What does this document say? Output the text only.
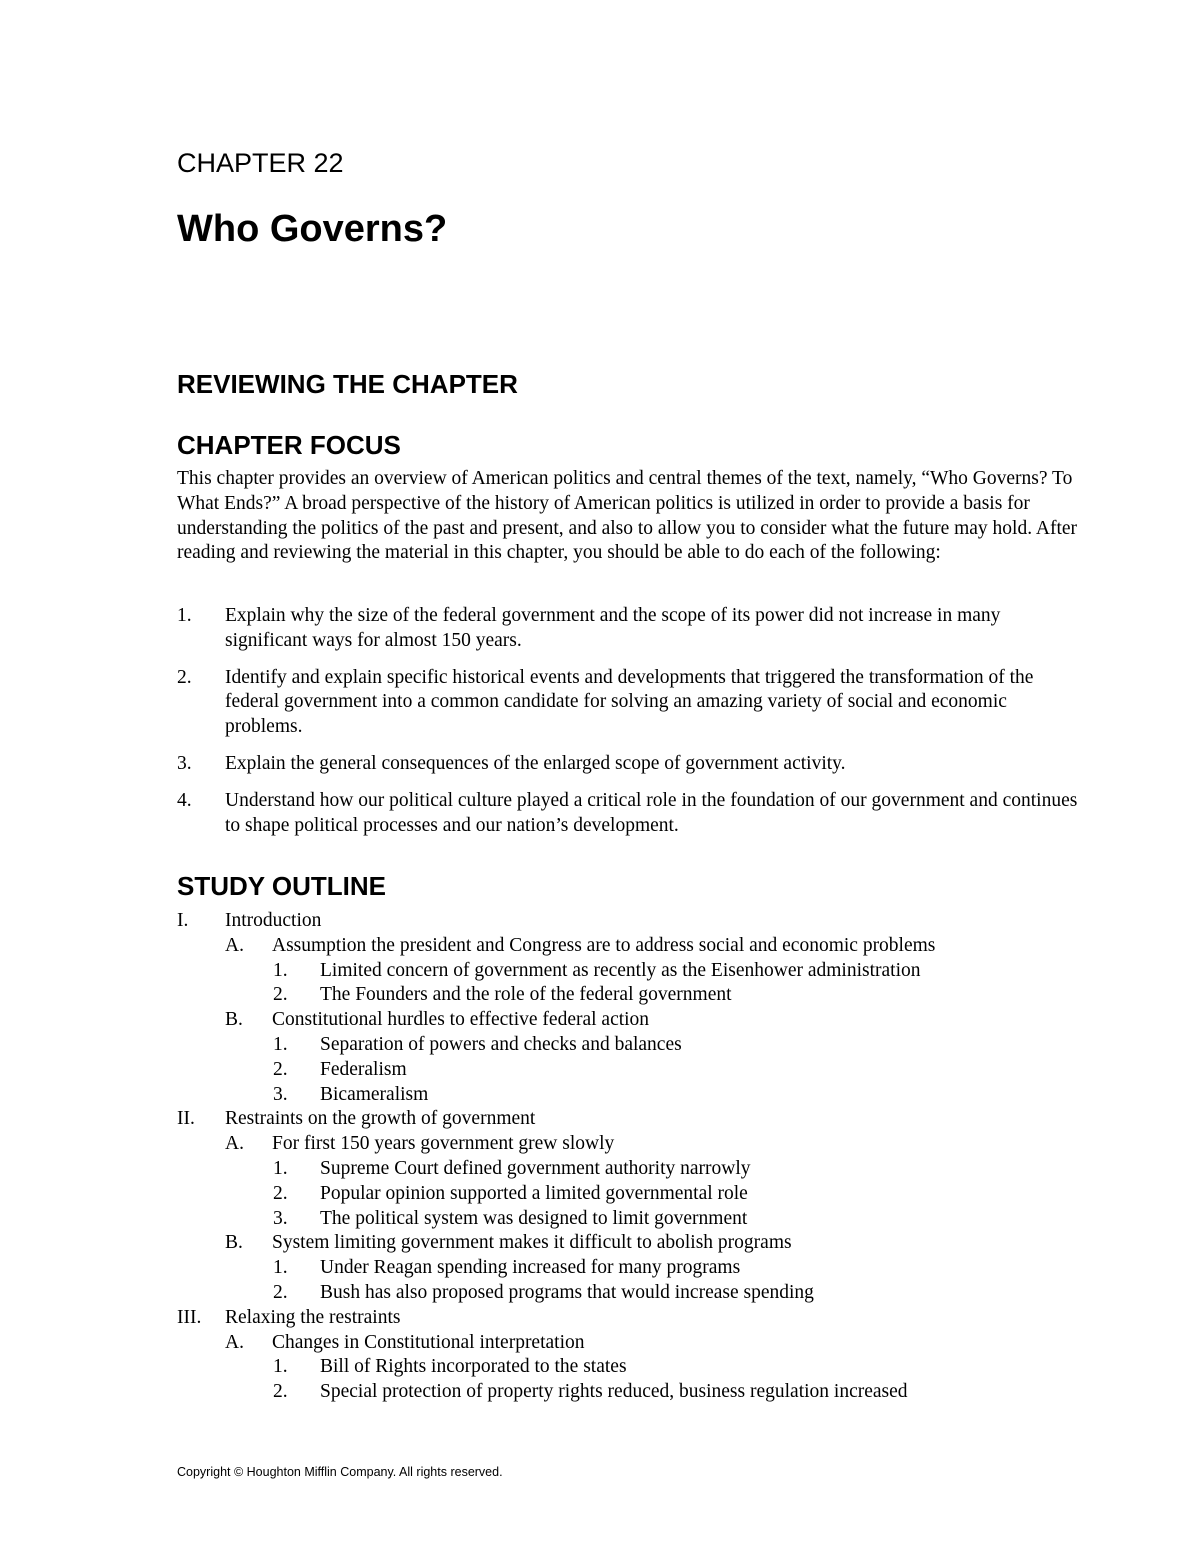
CHAPTER 22
Who Governs?
REVIEWING THE CHAPTER
CHAPTER FOCUS

This chapter provides an overview of American politics and central themes of the text, namely, “Who Governs? To What Ends?” A broad perspective of the history of American politics is utilized in order to provide a basis for understanding the politics of the past and present, and also to allow you to consider what the future may hold. After reading and reviewing the material in this chapter, you should be able to do each of the following:

1. Explain why the size of the federal government and the scope of its power did not increase in many significant ways for almost 150 years.
2. Identify and explain specific historical events and developments that triggered the transformation of the federal government into a common candidate for solving an amazing variety of social and economic problems.
3. Explain the general consequences of the enlarged scope of government activity.
4. Understand how our political culture played a critical role in the foundation of our government and continues to shape political processes and our nation’s development.
STUDY OUTLINE
I. Introduction
A. Assumption the president and Congress are to address social and economic problems
1. Limited concern of government as recently as the Eisenhower administration
2. The Founders and the role of the federal government
B. Constitutional hurdles to effective federal action
1. Separation of powers and checks and balances
2. Federalism
3. Bicameralism
II. Restraints on the growth of government
A. For first 150 years government grew slowly
1. Supreme Court defined government authority narrowly
2. Popular opinion supported a limited governmental role
3. The political system was designed to limit government
B. System limiting government makes it difficult to abolish programs
1. Under Reagan spending increased for many programs
2. Bush has also proposed programs that would increase spending
III. Relaxing the restraints
A. Changes in Constitutional interpretation
1. Bill of Rights incorporated to the states
2. Special protection of property rights reduced, business regulation increased
Copyright © Houghton Mifflin Company. All rights reserved.
